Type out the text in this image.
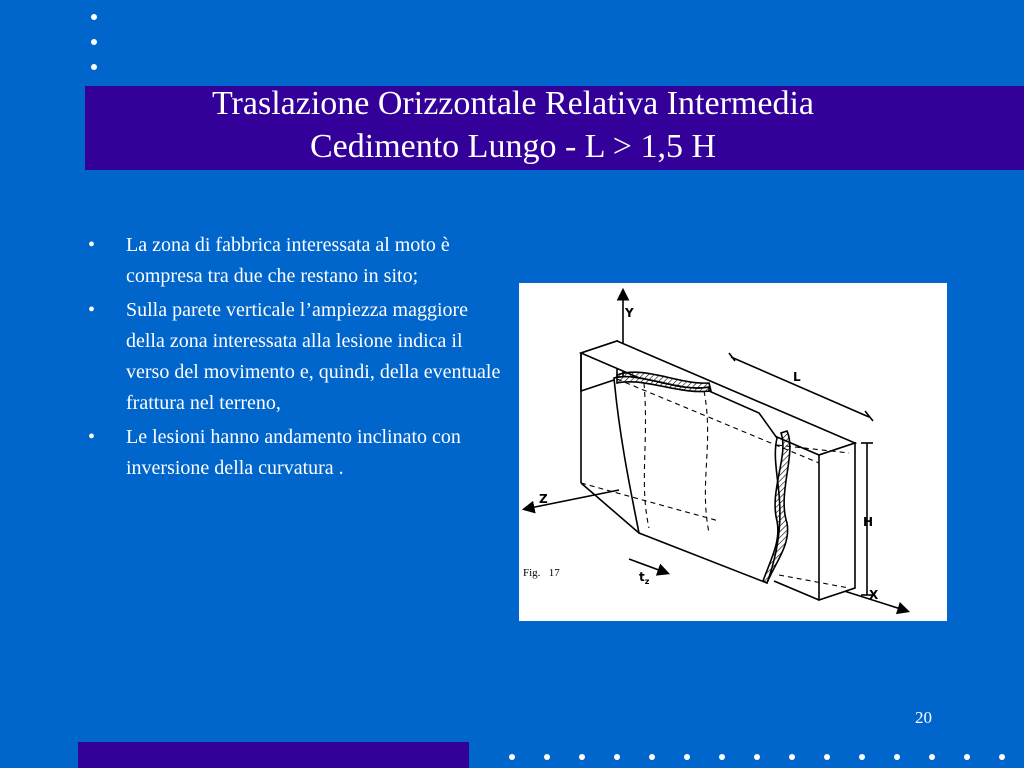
Traslazione Orizzontale Relativa Intermedia
Cedimento Lungo - L > 1,5 H
• La zona di fabbrica interessata al moto è compresa tra due che restano in sito;
• Sulla parete verticale l’ampiezza maggiore della zona interessata alla lesione indica il verso del movimento e, quindi, della eventuale frattura nel terreno,
• Le lesioni hanno andamento inclinato con inversione della curvatura .
Y
Z
X
L
H
$t_z$
Fig. 17
20
